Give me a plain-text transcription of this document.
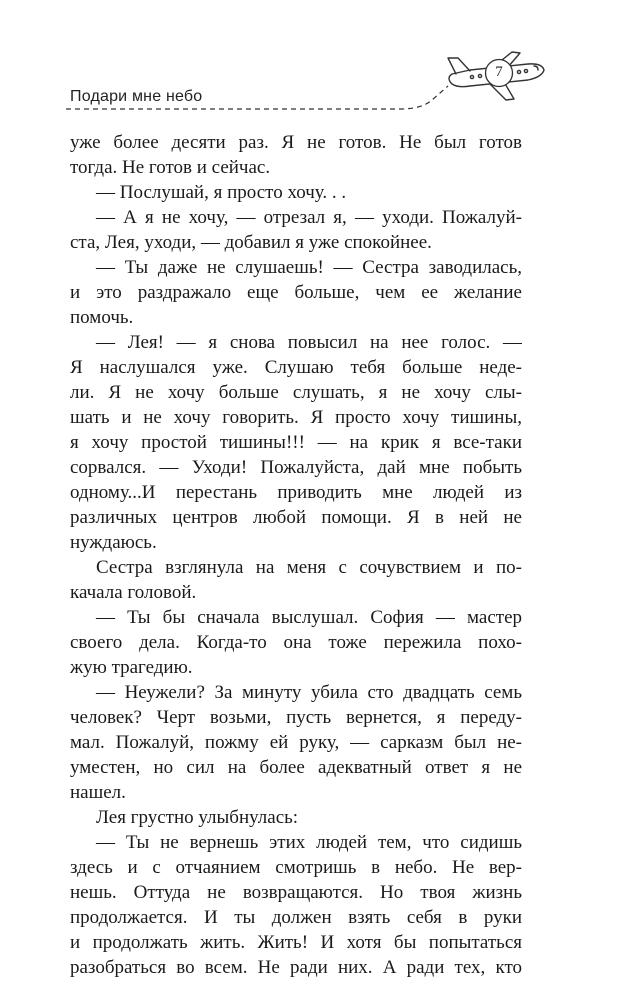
Подари мне небо
7
уже более десяти раз. Я не готов. Не был готов
тогда. Не готов и сейчас.
— Послушай, я просто хочу. . .
— А я не хочу, — отрезал я, — уходи. Пожалуй-
ста, Лея, уходи, — добавил я уже спокойнее.
— Ты даже не слушаешь! — Сестра заводилась,
и это раздражало еще больше, чем ее желание
помочь.
— Лея! — я снова повысил на нее голос. —
Я наслушался уже. Слушаю тебя больше неде-
ли. Я не хочу больше слушать, я не хочу слы-
шать и не хочу говорить. Я просто хочу тишины,
я хочу простой тишины!!! — на крик я все-таки
сорвался. — Уходи! Пожалуйста, дай мне побыть
одному...И перестань приводить мне людей из
различных центров любой помощи. Я в ней не
нуждаюсь.
Сестра взглянула на меня с сочувствием и по-
качала головой.
— Ты бы сначала выслушал. София — мастер
своего дела. Когда-то она тоже пережила похо-
жую трагедию.
— Неужели? За минуту убила сто двадцать семь
человек? Черт возьми, пусть вернется, я переду-
мал. Пожалуй, пожму ей руку, — сарказм был не-
уместен, но сил на более адекватный ответ я не
нашел.
Лея грустно улыбнулась:
— Ты не вернешь этих людей тем, что сидишь
здесь и с отчаянием смотришь в небо. Не вер-
нешь. Оттуда не возвращаются. Но твоя жизнь
продолжается. И ты должен взять себя в руки
и продолжать жить. Жить! И хотя бы попытаться
разобраться во всем. Не ради них. А ради тех, кто
